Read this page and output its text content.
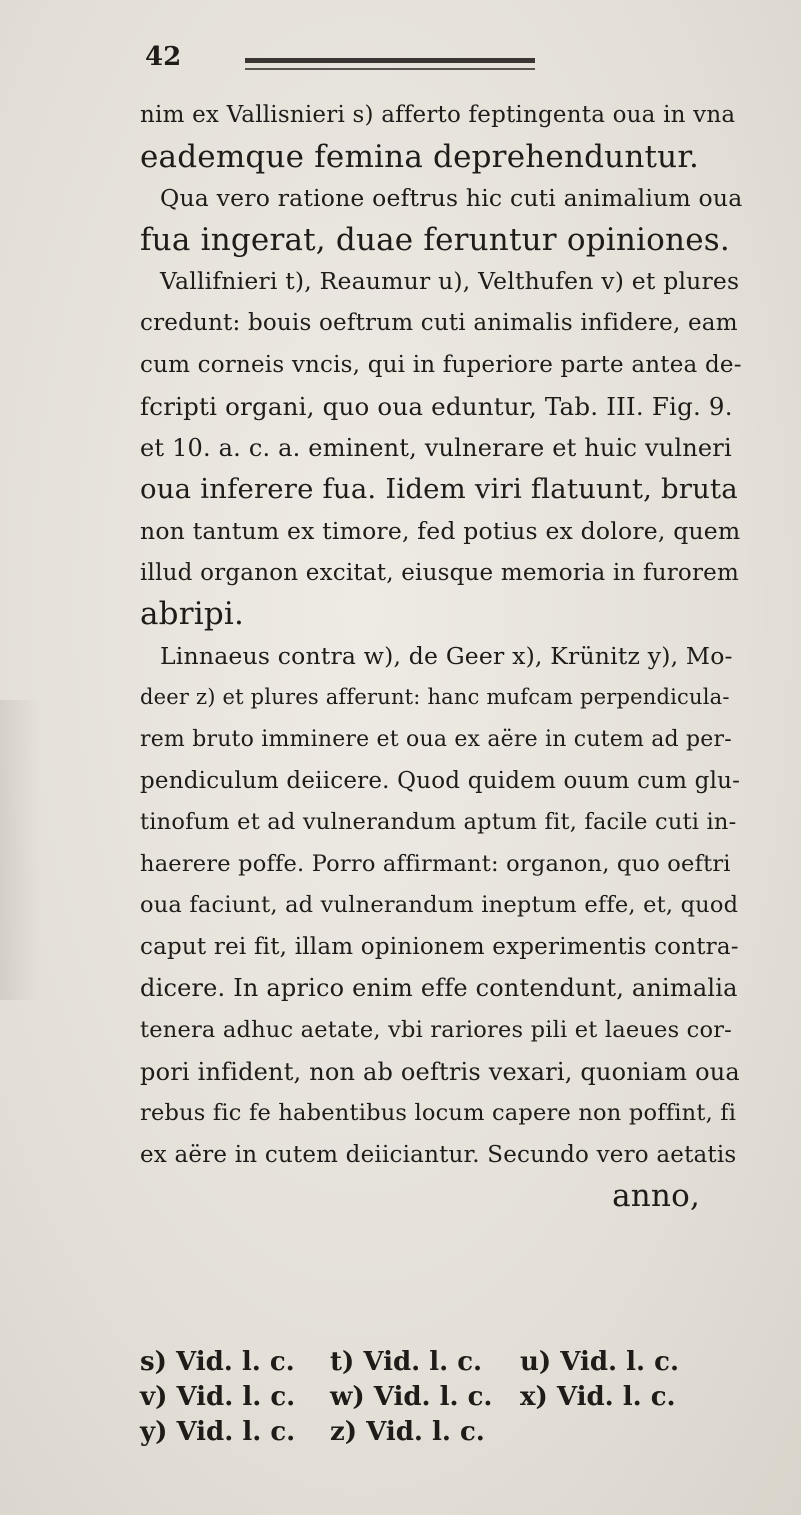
42
nim ex Vallisnieri s) afferto feptingenta oua in vna
eademque femina deprehenduntur.
Qua vero ratione oeftrus hic cuti animalium oua
fua ingerat, duae feruntur opiniones.
Vallifnieri t), Reaumur u), Velthufen v) et plures
credunt: bouis oeftrum cuti animalis infidere, eam
cum corneis vncis, qui in fuperiore parte antea de-
fcripti organi, quo oua eduntur, Tab. III. Fig. 9.
et 10. a. c. a. eminent, vulnerare et huic vulneri
oua inferere fua. Iidem viri flatuunt, bruta
non tantum ex timore, fed potius ex dolore, quem
illud organon excitat, eiusque memoria in furorem
abripi.
Linnaeus contra w), de Geer x), Krünitz y), Mo-
deer z) et plures afferunt: hanc mufcam perpendicula-
rem bruto imminere et oua ex aëre in cutem ad per-
pendiculum deiicere. Quod quidem ouum cum glu-
tinofum et ad vulnerandum aptum fit, facile cuti in-
haerere poffe. Porro affirmant: organon, quo oeftri
oua faciunt, ad vulnerandum ineptum effe, et, quod
caput rei fit, illam opinionem experimentis contra-
dicere. In aprico enim effe contendunt, animalia
tenera adhuc aetate, vbi rariores pili et laeues cor-
pori infident, non ab oeftris vexari, quoniam oua
rebus fic fe habentibus locum capere non poffint, fi
ex aëre in cutem deiiciantur. Secundo vero aetatis
anno,
s) Vid. l. c. t) Vid. l. c. u) Vid. l. c.
v) Vid. l. c. w) Vid. l. c. x) Vid. l. c.
y) Vid. l. c. z) Vid. l. c.
